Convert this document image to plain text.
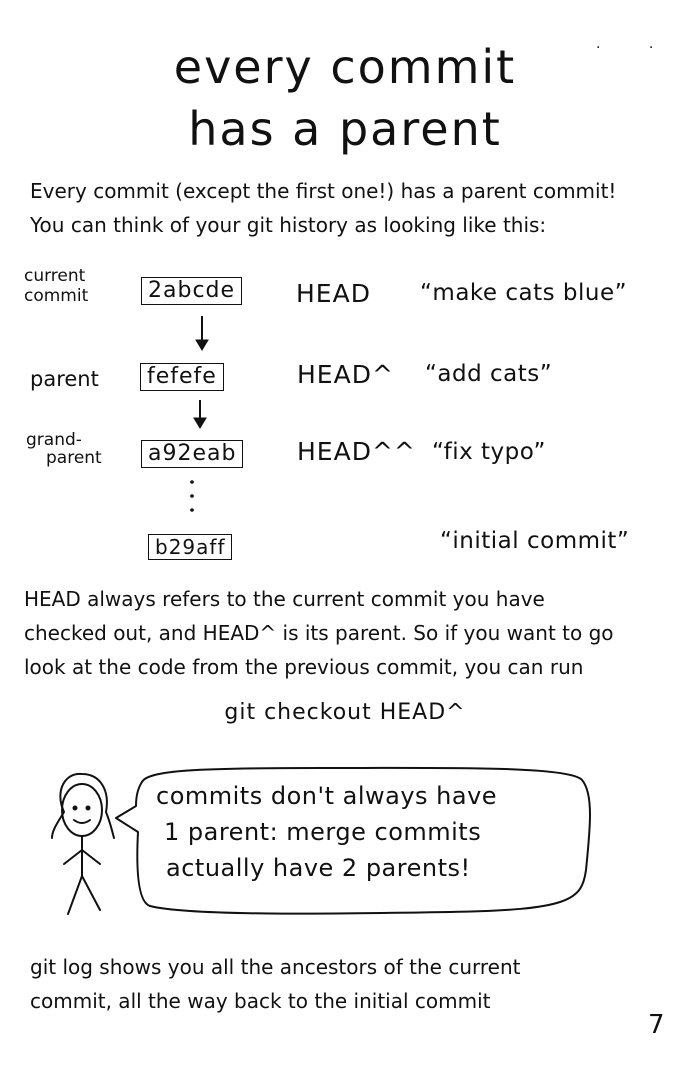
every commit
has a parent
. .
Every commit (except the first one!) has a parent commit!
You can think of your git history as looking like this:
current
commit	2abcde HEAD “make cats blue”
parent	fefefe	HEAD^ “add cats”
grand-
parent	a92eab HEAD^^ “fix typo”
b29aff	“initial commit”
HEAD always refers to the current commit you have
checked out, and HEAD^ is its parent. So if you want to go
look at the code from the previous commit, you can run
git checkout HEAD^
commits don't always have
1 parent: merge commits
actually have 2 parents!
git log shows you all the ancestors of the current
commit, all the way back to the initial commit
7
